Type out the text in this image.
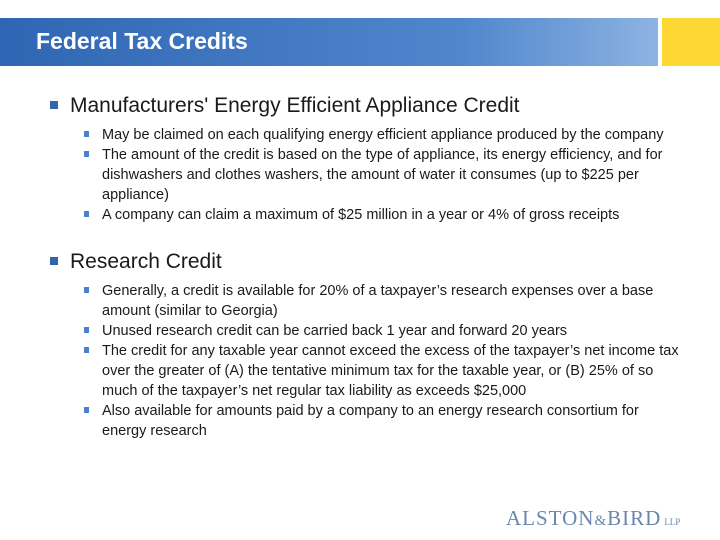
Federal Tax Credits
Manufacturers' Energy Efficient Appliance Credit
May be claimed on each qualifying energy efficient appliance produced by the company
The amount of the credit is based on the type of appliance, its energy efficiency, and for dishwashers and clothes washers, the amount of water it consumes (up to $225 per appliance)
A company can claim a maximum of $25 million in a year or 4% of gross receipts
Research Credit
Generally, a credit is available for 20% of a taxpayer’s research expenses over a base amount (similar to Georgia)
Unused research credit can be carried back 1 year and forward 20 years
The credit for any taxable year cannot exceed the excess of the taxpayer’s net income tax over the greater of (A) the tentative minimum tax for the taxable year, or (B) 25% of so much of the taxpayer’s net regular tax liability as exceeds $25,000
Also available for amounts paid by a company to an energy research consortium for energy research
ALSTON&BIRD LLP
